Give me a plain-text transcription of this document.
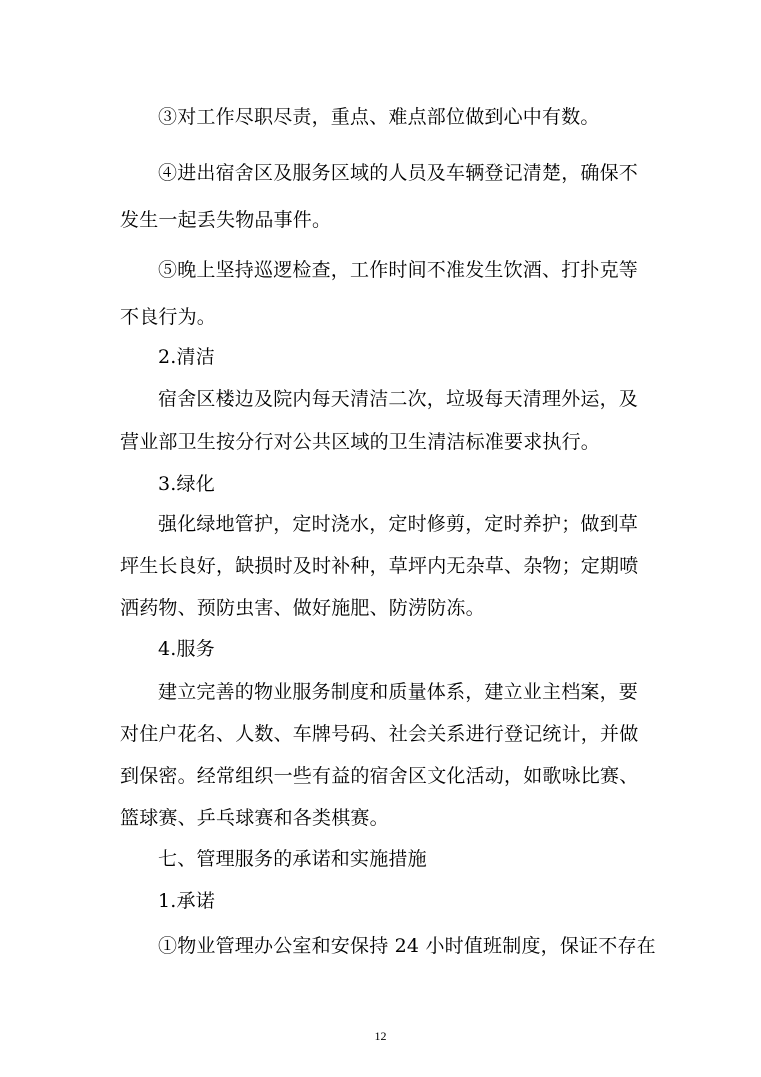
③对工作尽职尽责，重点、难点部位做到心中有数。
④进出宿舍区及服务区域的人员及车辆登记清楚，确保不
发生一起丢失物品事件。
⑤晚上坚持巡逻检查，工作时间不准发生饮酒、打扑克等
不良行为。
2.清洁
宿舍区楼边及院内每天清洁二次，垃圾每天清理外运，及
营业部卫生按分行对公共区域的卫生清洁标准要求执行。
3.绿化
强化绿地管护，定时浇水，定时修剪，定时养护；做到草
坪生长良好，缺损时及时补种，草坪内无杂草、杂物；定期喷
洒药物、预防虫害、做好施肥、防涝防冻。
4.服务
建立完善的物业服务制度和质量体系，建立业主档案，要
对住户花名、人数、车牌号码、社会关系进行登记统计，并做
到保密。经常组织一些有益的宿舍区文化活动，如歌咏比赛、
篮球赛、乒乓球赛和各类棋赛。
七、管理服务的承诺和实施措施
1.承诺
①物业管理办公室和安保持 24 小时值班制度，保证不存在
12
